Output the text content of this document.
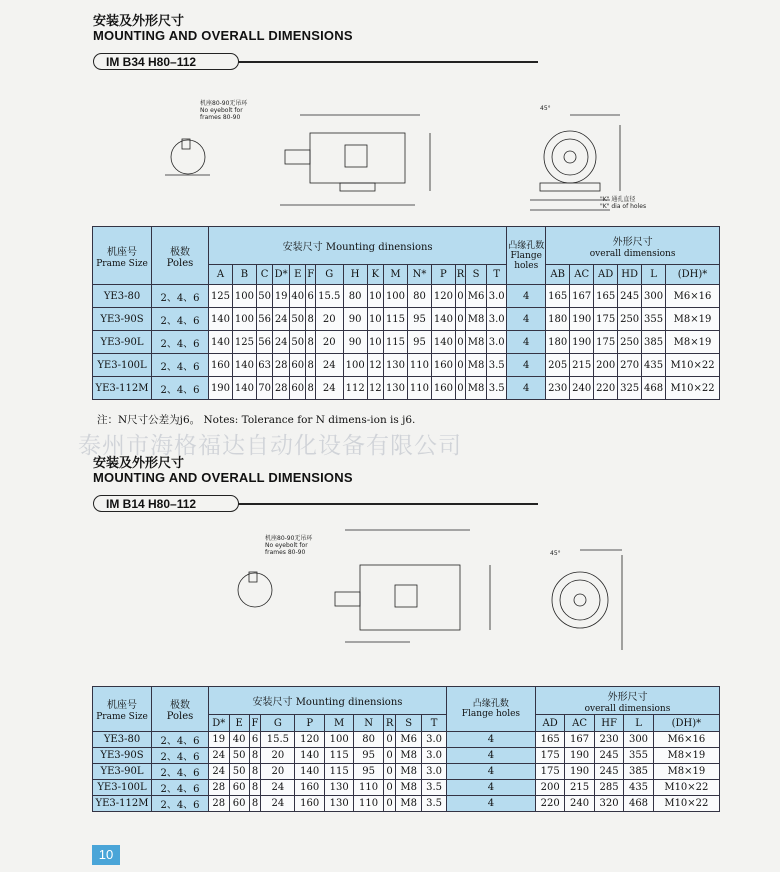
安装及外形尺寸
MOUNTING AND OVERALL DIMENSIONS
IM B34 H80–112
机座80-90无吊环
No eyebolt for
frames 80-90
45°
"K" 通孔直径
"K" dia of holes
机座号
Prame Size	极数
Poles	安装尺寸 Mounting dinensions															凸缘孔数
Flange holes	外形尺寸
overall dimensions					
		A	B	C	D*	E	F	G	H	K	M	N*	P	R	S	T		AB	AC	AD	HD	L	(DH)*
YE3-80	2、4、6	125	100	50	19	40	6	15.5	80	10	100	80	120	0	M6	3.0	4	165	167	165	245	300	M6×16
YE3-90S	2、4、6	140	100	56	24	50	8	20	90	10	115	95	140	0	M8	3.0	4	180	190	175	250	355	M8×19
YE3-90L	2、4、6	140	125	56	24	50	8	20	90	10	115	95	140	0	M8	3.0	4	180	190	175	250	385	M8×19
YE3-100L	2、4、6	160	140	63	28	60	8	24	100	12	130	110	160	0	M8	3.5	4	205	215	200	270	435	M10×22
YE3-112M	2、4、6	190	140	70	28	60	8	24	112	12	130	110	160	0	M8	3.5	4	230	240	220	325	468	M10×22
注：N尺寸公差为j6。 Notes: Tolerance for N dimens-ion is j6.
泰州市海格福达自动化设备有限公司
安装及外形尺寸
MOUNTING AND OVERALL DIMENSIONS
IM B14 H80–112
机座80-90无吊环
No eyebolt for
frames 80-90	45°
机座号
Prame Size	极数
Poles	安装尺寸 Mounting dinensions										凸缘孔数
Flange holes	外形尺寸
overall dimensions				
		D*	E	F	G	P	M	N	R	S	T		AD	AC	HF	L	(DH)*
YE3-80	2、4、6	19	40	6	15.5	120	100	80	0	M6	3.0	4	165	167	230	300	M6×16
YE3-90S	2、4、6	24	50	8	20	140	115	95	0	M8	3.0	4	175	190	245	355	M8×19
YE3-90L	2、4、6	24	50	8	20	140	115	95	0	M8	3.0	4	175	190	245	385	M8×19
YE3-100L	2、4、6	28	60	8	24	160	130	110	0	M8	3.5	4	200	215	285	435	M10×22
YE3-112M	2、4、6	28	60	8	24	160	130	110	0	M8	3.5	4	220	240	320	468	M10×22
10
